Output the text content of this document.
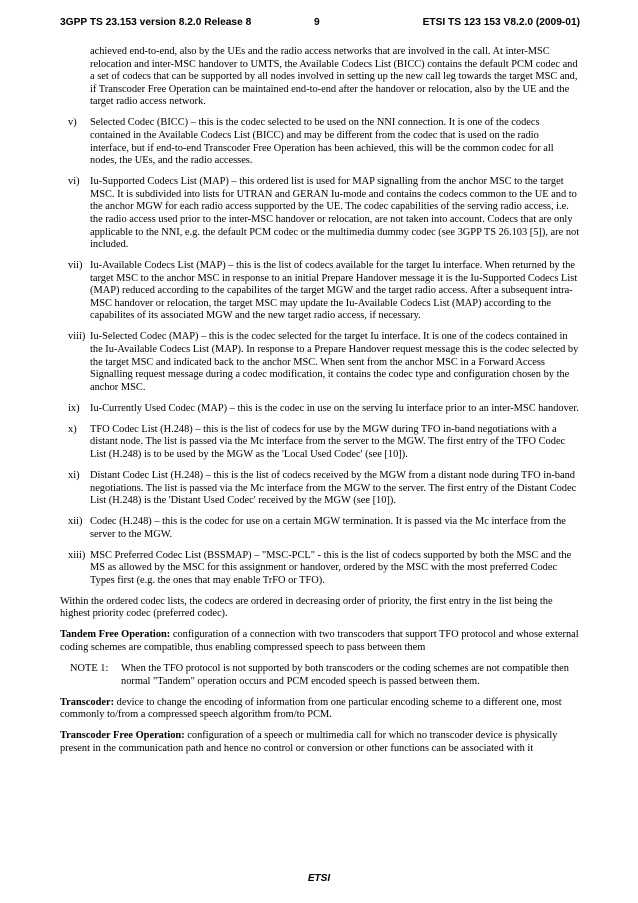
3GPP TS 23.153 version 8.2.0 Release 8	9	ETSI TS 123 153 V8.2.0 (2009-01)
achieved end-to-end, also by the UEs and the radio access networks that are involved in the call. At inter-MSC relocation and inter-MSC handover to UMTS, the Available Codecs List (BICC) contains the default PCM codec and a set of codecs that can be supported by all nodes involved in setting up the new call leg towards the target MSC and, if Transcoder Free Operation can be maintained end-to-end after the handover or relocation, also by the UE and the target radio access network.
v) Selected Codec (BICC) – this is the codec selected to be used on the NNI connection. It is one of the codecs contained in the Available Codecs List (BICC) and may be different from the codec that is used on the radio interface, but if end-to-end Transcoder Free Operation has been achieved, this will be the common codec for all nodes, the UEs, and the radio accesses.
vi) Iu-Supported Codecs List (MAP) – this ordered list is used for MAP signalling from the anchor MSC to the target MSC. It is subdivided into lists for UTRAN and GERAN Iu-mode and contains the codecs common to the UE and to the anchor MGW for each radio access supported by the UE. The codec capabilities of the serving radio access, i.e. the radio access used prior to the inter-MSC handover or relocation, are not taken into account. Codecs that are only applicable to the NNI, e.g. the default PCM codec or the multimedia dummy codec (see 3GPP TS 26.103 [5]), are not included.
vii) Iu-Available Codecs List (MAP) – this is the list of codecs available for the target Iu interface. When returned by the target MSC to the anchor MSC in response to an initial Prepare Handover message it is the Iu-Supported Codecs List (MAP) reduced according to the capabilites of the target MGW and the target radio access. After a subsequent intra-MSC handover or relocation, the target MSC may update the Iu-Available Codecs List (MAP) according to the capabilites of its associated MGW and the new target radio access, if necessary.
viii) Iu-Selected Codec (MAP) – this is the codec selected for the target Iu interface. It is one of the codecs contained in the Iu-Available Codecs List (MAP). In response to a Prepare Handover request message this is the codec selected by the target MSC and indicated back to the anchor MSC. When sent from the anchor MSC in a Forward Access Signalling request message during a codec modification, it contains the codec type and configuration chosen by the anchor MSC.
ix) Iu-Currently Used Codec (MAP) – this is the codec in use on the serving Iu interface prior to an inter-MSC handover.
x) TFO Codec List (H.248) – this is the list of codecs for use by the MGW during TFO in-band negotiations with a distant node. The list is passed via the Mc interface from the server to the MGW. The first entry of the TFO Codec List (H.248) is to be used by the MGW as the 'Local Used Codec' (see [10]).
xi) Distant Codec List (H.248) – this is the list of codecs received by the MGW from a distant node during TFO in-band negotiations. The list is passed via the Mc interface from the MGW to the server. The first entry of the Distant Codec List (H.248) is the 'Distant Used Codec' received by the MGW (see [10]).
xii) Codec (H.248) – this is the codec for use on a certain MGW termination. It is passed via the Mc interface from the server to the MGW.
xiii) MSC Preferred Codec List (BSSMAP) – "MSC-PCL" - this is the list of codecs supported by both the MSC and the MS as allowed by the MSC for this assignment or handover, ordered by the MSC with the most preferred Codec Types first (e.g. the ones that may enable TrFO or TFO).
Within the ordered codec lists, the codecs are ordered in decreasing order of priority, the first entry in the list being the highest priority codec (preferred codec).
Tandem Free Operation: configuration of a connection with two transcoders that support TFO protocol and whose external coding schemes are compatible, thus enabling compressed speech to pass between them
NOTE 1: When the TFO protocol is not supported by both transcoders or the coding schemes are not compatible then normal "Tandem" operation occurs and PCM encoded speech is passed between them.
Transcoder: device to change the encoding of information from one particular encoding scheme to a different one, most commonly to/from a compressed speech algorithm from/to PCM.
Transcoder Free Operation: configuration of a speech or multimedia call for which no transcoder device is physically present in the communication path and hence no control or conversion or other functions can be associated with it
ETSI
